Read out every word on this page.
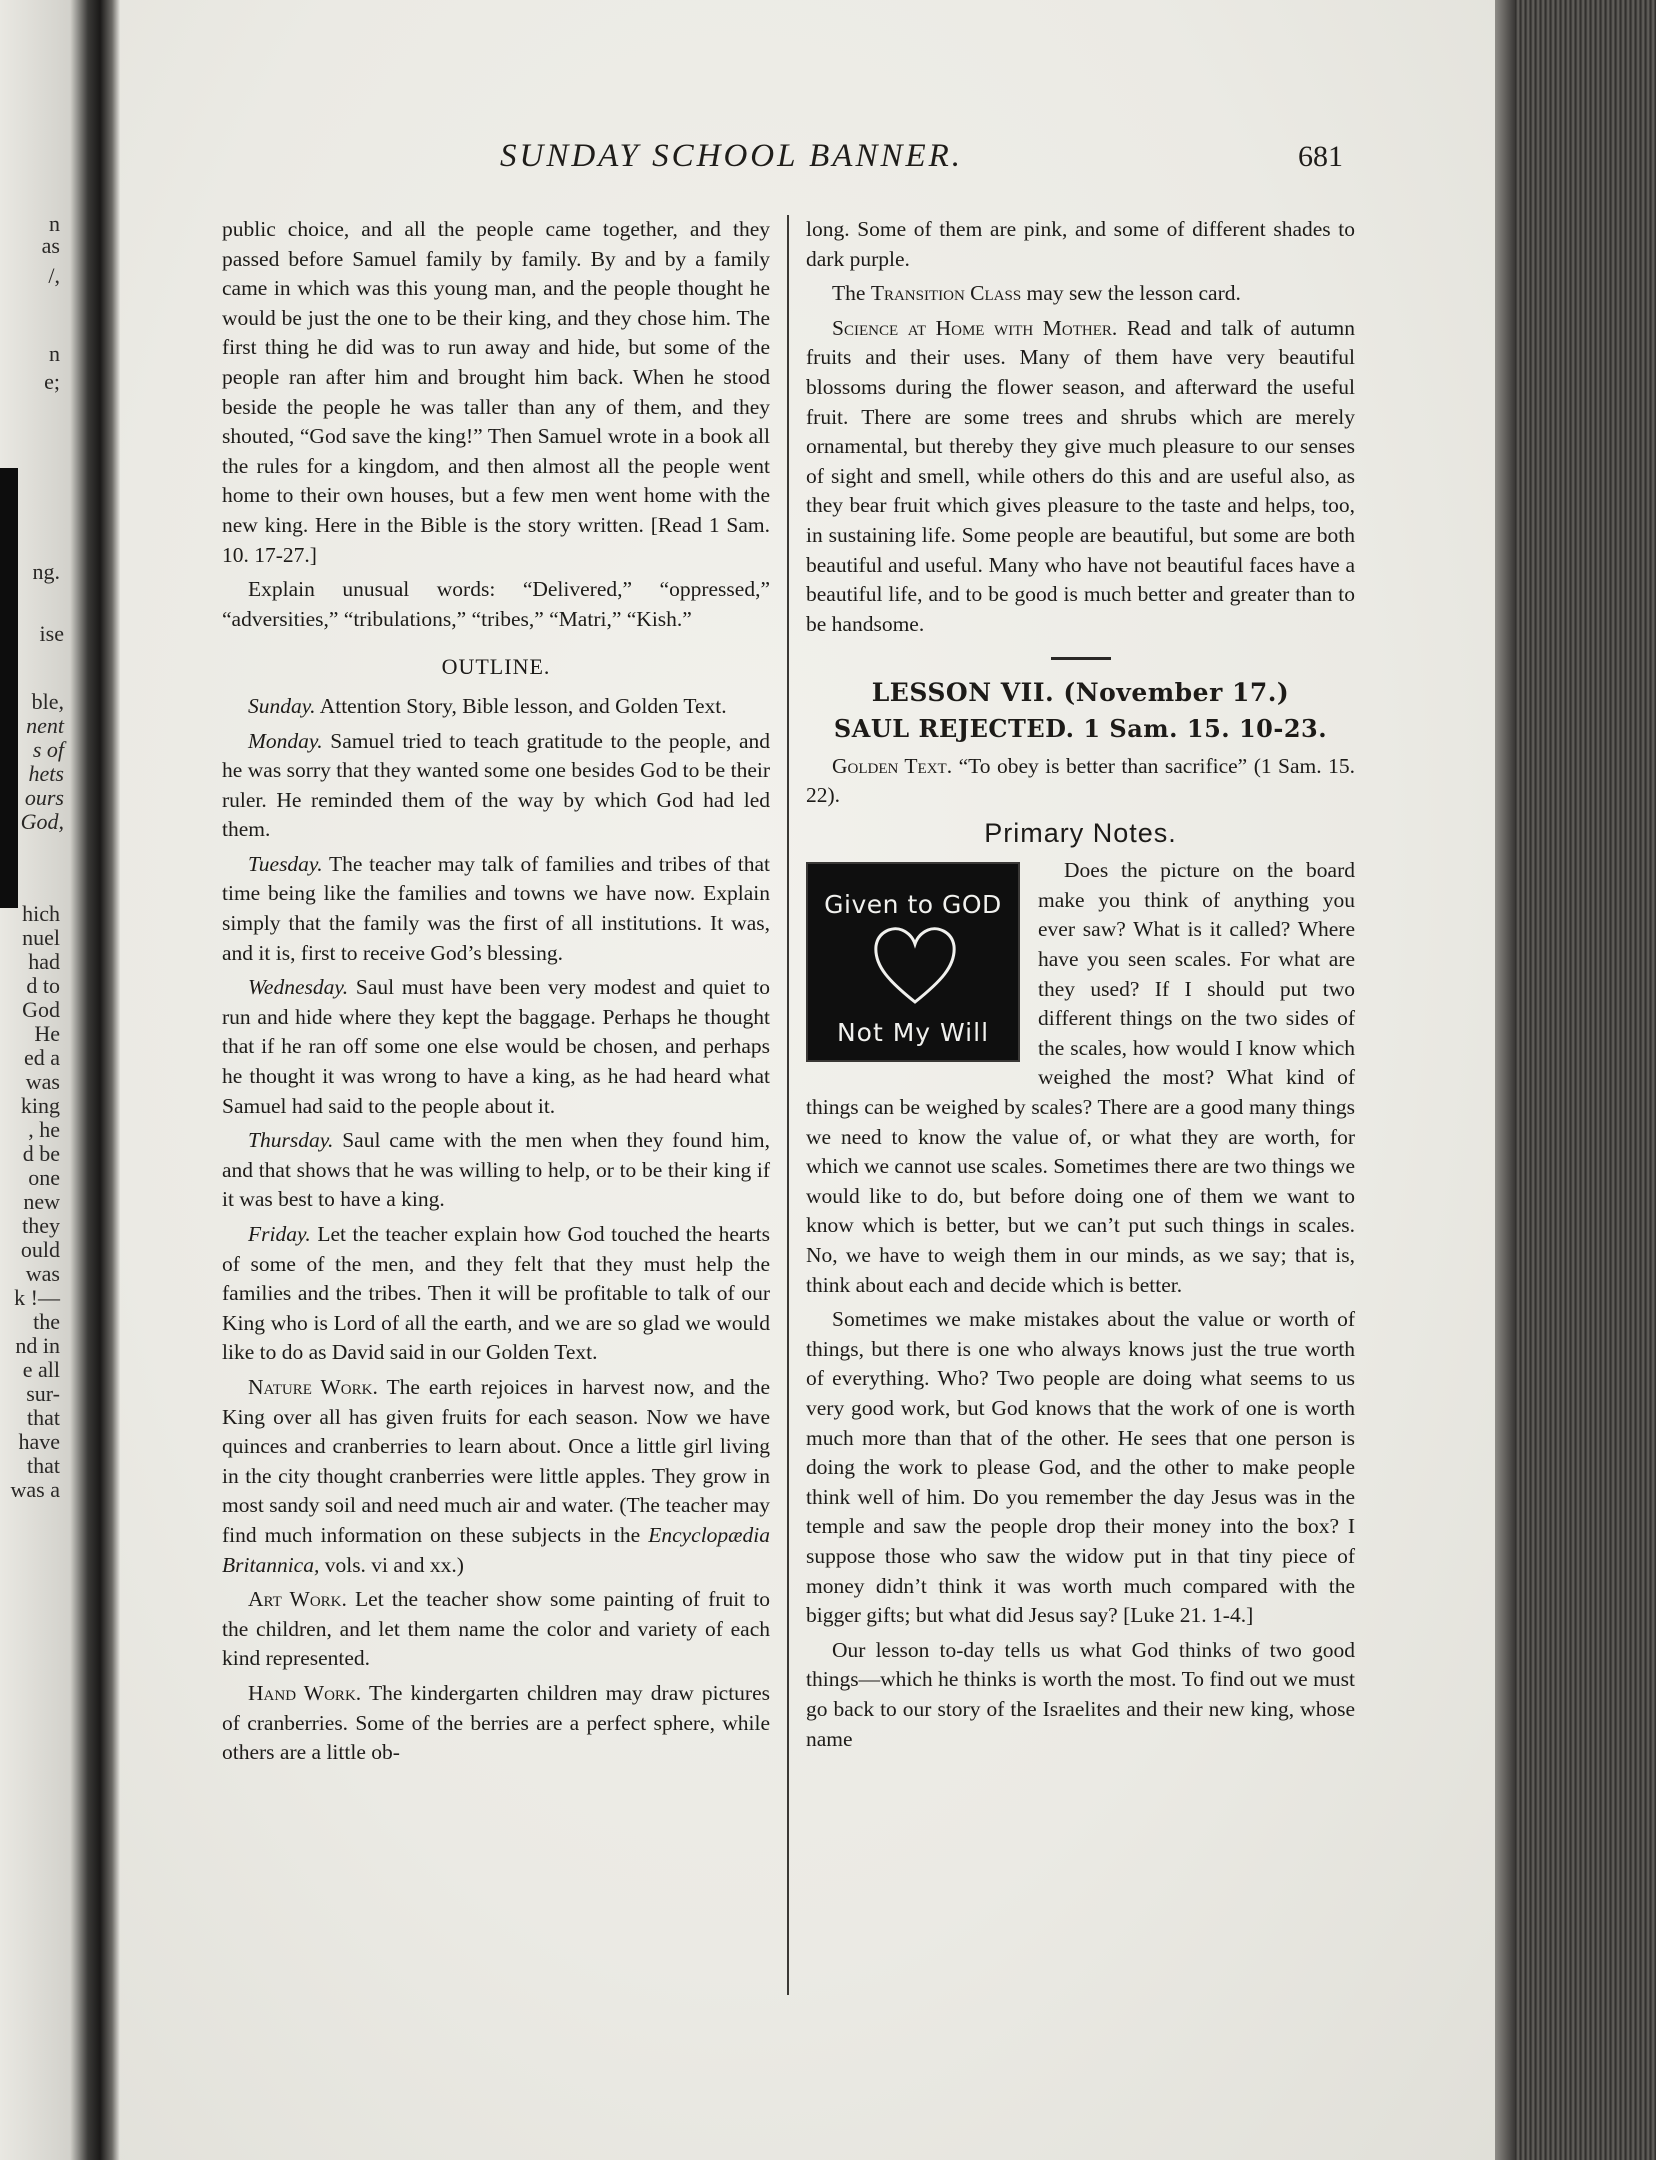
n
as
/,
n
e;
ng.
ise
ble,
nent
s of
hets
ours
God,
hich
nuel
had
d to
God
He
ed a
was
king
, he
d be
one
new
they
ould
was
k !—
the
nd in
e all
sur-
that
have
that
was a
SUNDAY SCHOOL BANNER.	681

public choice, and all the people came together, and they passed before Samuel family by family. By and by a family came in which was this young man, and the people thought he would be just the one to be their king, and they chose him. The first thing he did was to run away and hide, but some of the people ran after him and brought him back. When he stood beside the people he was taller than any of them, and they shouted, “God save the king!” Then Samuel wrote in a book all the rules for a kingdom, and then almost all the people went home to their own houses, but a few men went home with the new king. Here in the Bible is the story written. [Read 1 Sam. 10. 17-27.]

Explain unusual words: “Delivered,” “oppressed,” “adversities,” “tribulations,” “tribes,” “Matri,” “Kish.”

OUTLINE.

Sunday. Attention Story, Bible lesson, and Golden Text.

Monday. Samuel tried to teach gratitude to the people, and he was sorry that they wanted some one besides God to be their ruler. He reminded them of the way by which God had led them.

Tuesday. The teacher may talk of families and tribes of that time being like the families and towns we have now. Explain simply that the family was the first of all institutions. It was, and it is, first to receive God’s blessing.

Wednesday. Saul must have been very modest and quiet to run and hide where they kept the baggage. Perhaps he thought that if he ran off some one else would be chosen, and perhaps he thought it was wrong to have a king, as he had heard what Samuel had said to the people about it.

Thursday. Saul came with the men when they found him, and that shows that he was willing to help, or to be their king if it was best to have a king.

Friday. Let the teacher explain how God touched the hearts of some of the men, and they felt that they must help the families and the tribes. Then it will be profitable to talk of our King who is Lord of all the earth, and we are so glad we would like to do as David said in our Golden Text.

Nature Work. The earth rejoices in harvest now, and the King over all has given fruits for each season. Now we have quinces and cranberries to learn about. Once a little girl living in the city thought cranberries were little apples. They grow in most sandy soil and need much air and water. (The teacher may find much information on these subjects in the Encyclopædia Britannica, vols. vi and xx.)

Art Work. Let the teacher show some painting of fruit to the children, and let them name the color and variety of each kind represented.

Hand Work. The kindergarten children may draw pictures of cranberries. Some of the berries are a perfect sphere, while others are a little ob-

long. Some of them are pink, and some of different shades to dark purple.

The Transition Class may sew the lesson card.

Science at Home with Mother. Read and talk of autumn fruits and their uses. Many of them have very beautiful blossoms during the flower season, and afterward the useful fruit. There are some trees and shrubs which are merely ornamental, but thereby they give much pleasure to our senses of sight and smell, while others do this and are useful also, as they bear fruit which gives pleasure to the taste and helps, too, in sustaining life. Some people are beautiful, but some are both beautiful and useful. Many who have not beautiful faces have a beautiful life, and to be good is much better and greater than to be handsome.

LESSON VII. (November 17.)
SAUL REJECTED. 1 Sam. 15. 10-23.

Golden Text. “To obey is better than sacrifice” (1 Sam. 15. 22).

Primary Notes.
Given to GOD
Not My Will

Does the picture on the board make you think of anything you ever saw? What is it called? Where have you seen scales. For what are they used? If I should put two different things on the two sides of the scales, how would I know which weighed the most? What kind of things can be weighed by scales? There are a good many things we need to know the value of, or what they are worth, for which we cannot use scales. Sometimes there are two things we would like to do, but before doing one of them we want to know which is better, but we can’t put such things in scales. No, we have to weigh them in our minds, as we say; that is, think about each and decide which is better.

Sometimes we make mistakes about the value or worth of things, but there is one who always knows just the true worth of everything. Who? Two people are doing what seems to us very good work, but God knows that the work of one is worth much more than that of the other. He sees that one person is doing the work to please God, and the other to make people think well of him. Do you remember the day Jesus was in the temple and saw the people drop their money into the box? I suppose those who saw the widow put in that tiny piece of money didn’t think it was worth much compared with the bigger gifts; but what did Jesus say? [Luke 21. 1-4.]

Our lesson to-day tells us what God thinks of two good things—which he thinks is worth the most. To find out we must go back to our story of the Israelites and their new king, whose name
